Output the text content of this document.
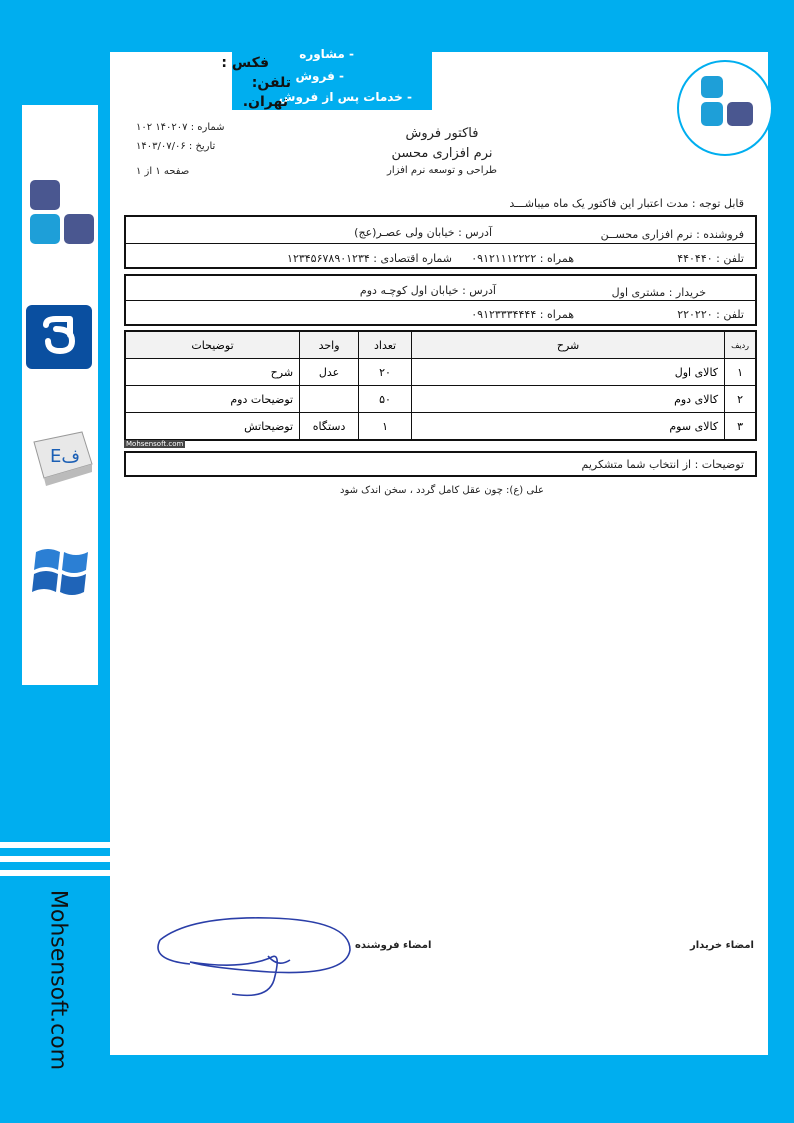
- مشاوره
- فروش
- خدمات پس از فروش
فکس :
تلفن:
تهران.
Eف
Mohsensoft.com
فاکتور فروش
نرم افزاری محسن
طراحی و توسعه نرم افزار
شماره : ۱۴۰۲۰۷ ۱۰۲
تاریخ : ۱۴۰۳/۰۷/۰۶
صفحه ۱ از ۱
قابل توجه : مدت اعتبار این فاکتور یک ماه میباشـــد
فروشنده : نرم افزاری محســن
آدرس : خیابان ولی عصـر(عج)
تلفن : ۴۴۰۴۴۰
همراه : ۰۹۱۲۱۱۱۲۲۲۲
شماره اقتصادی : ۱۲۳۴۵۶۷۸۹۰۱۲۳۴
خریدار : مشتری اول
آدرس : خیابان اول کوچـه دوم
تلفن : ۲۲۰۲۲۰
همراه : ۰۹۱۲۳۳۳۴۴۴۴
ردیف	شرح	تعداد	واحد	توضیحات
۱	کالای اول	۲۰	عدل	شرح
۲	کالای دوم	۵۰		توضیحات دوم
۳	کالای سوم	۱	دستگاه	توضیحاتش
Mohsensoft.com
توضیحات : از انتخاب شما متشکریم
علی (ع): چون عقل کامل گردد ، سخن اندک شود
امضاء فروشنده	امضاء خریدار
